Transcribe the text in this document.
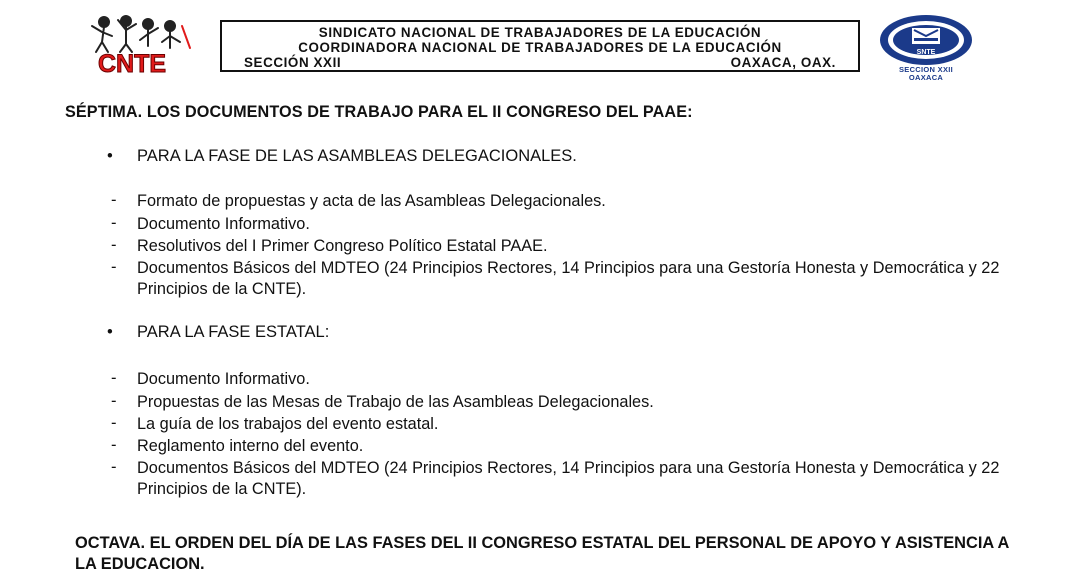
CNTE
SINDICATO NACIONAL DE TRABAJADORES DE LA EDUCACIÓN
COORDINADORA NACIONAL DE TRABAJADORES DE LA EDUCACIÓN
SECCIÓN XXII	OAXACA, OAX.
SNTE
SECCION XXII
OAXACA
SÉPTIMA. LOS DOCUMENTOS DE TRABAJO PARA EL II CONGRESO DEL PAAE:
• PARA LA FASE DE LAS ASAMBLEAS DELEGACIONALES.
- Formato de propuestas y acta de las Asambleas Delegacionales.
- Documento Informativo.
- Resolutivos del I Primer Congreso Político Estatal PAAE.
- Documentos Básicos del MDTEO (24 Principios Rectores, 14 Principios para una Gestoría Honesta y Democrática y 22 Principios de la CNTE).
• PARA LA FASE ESTATAL:
- Documento Informativo.
- Propuestas de las Mesas de Trabajo de las Asambleas Delegacionales.
- La guía de los trabajos del evento estatal.
- Reglamento interno del evento.
- Documentos Básicos del MDTEO (24 Principios Rectores, 14 Principios para una Gestoría Honesta y Democrática y 22 Principios de la CNTE).
OCTAVA. EL ORDEN DEL DÍA DE LAS FASES DEL II CONGRESO ESTATAL DEL PERSONAL DE APOYO Y ASISTENCIA A LA EDUCACION.
